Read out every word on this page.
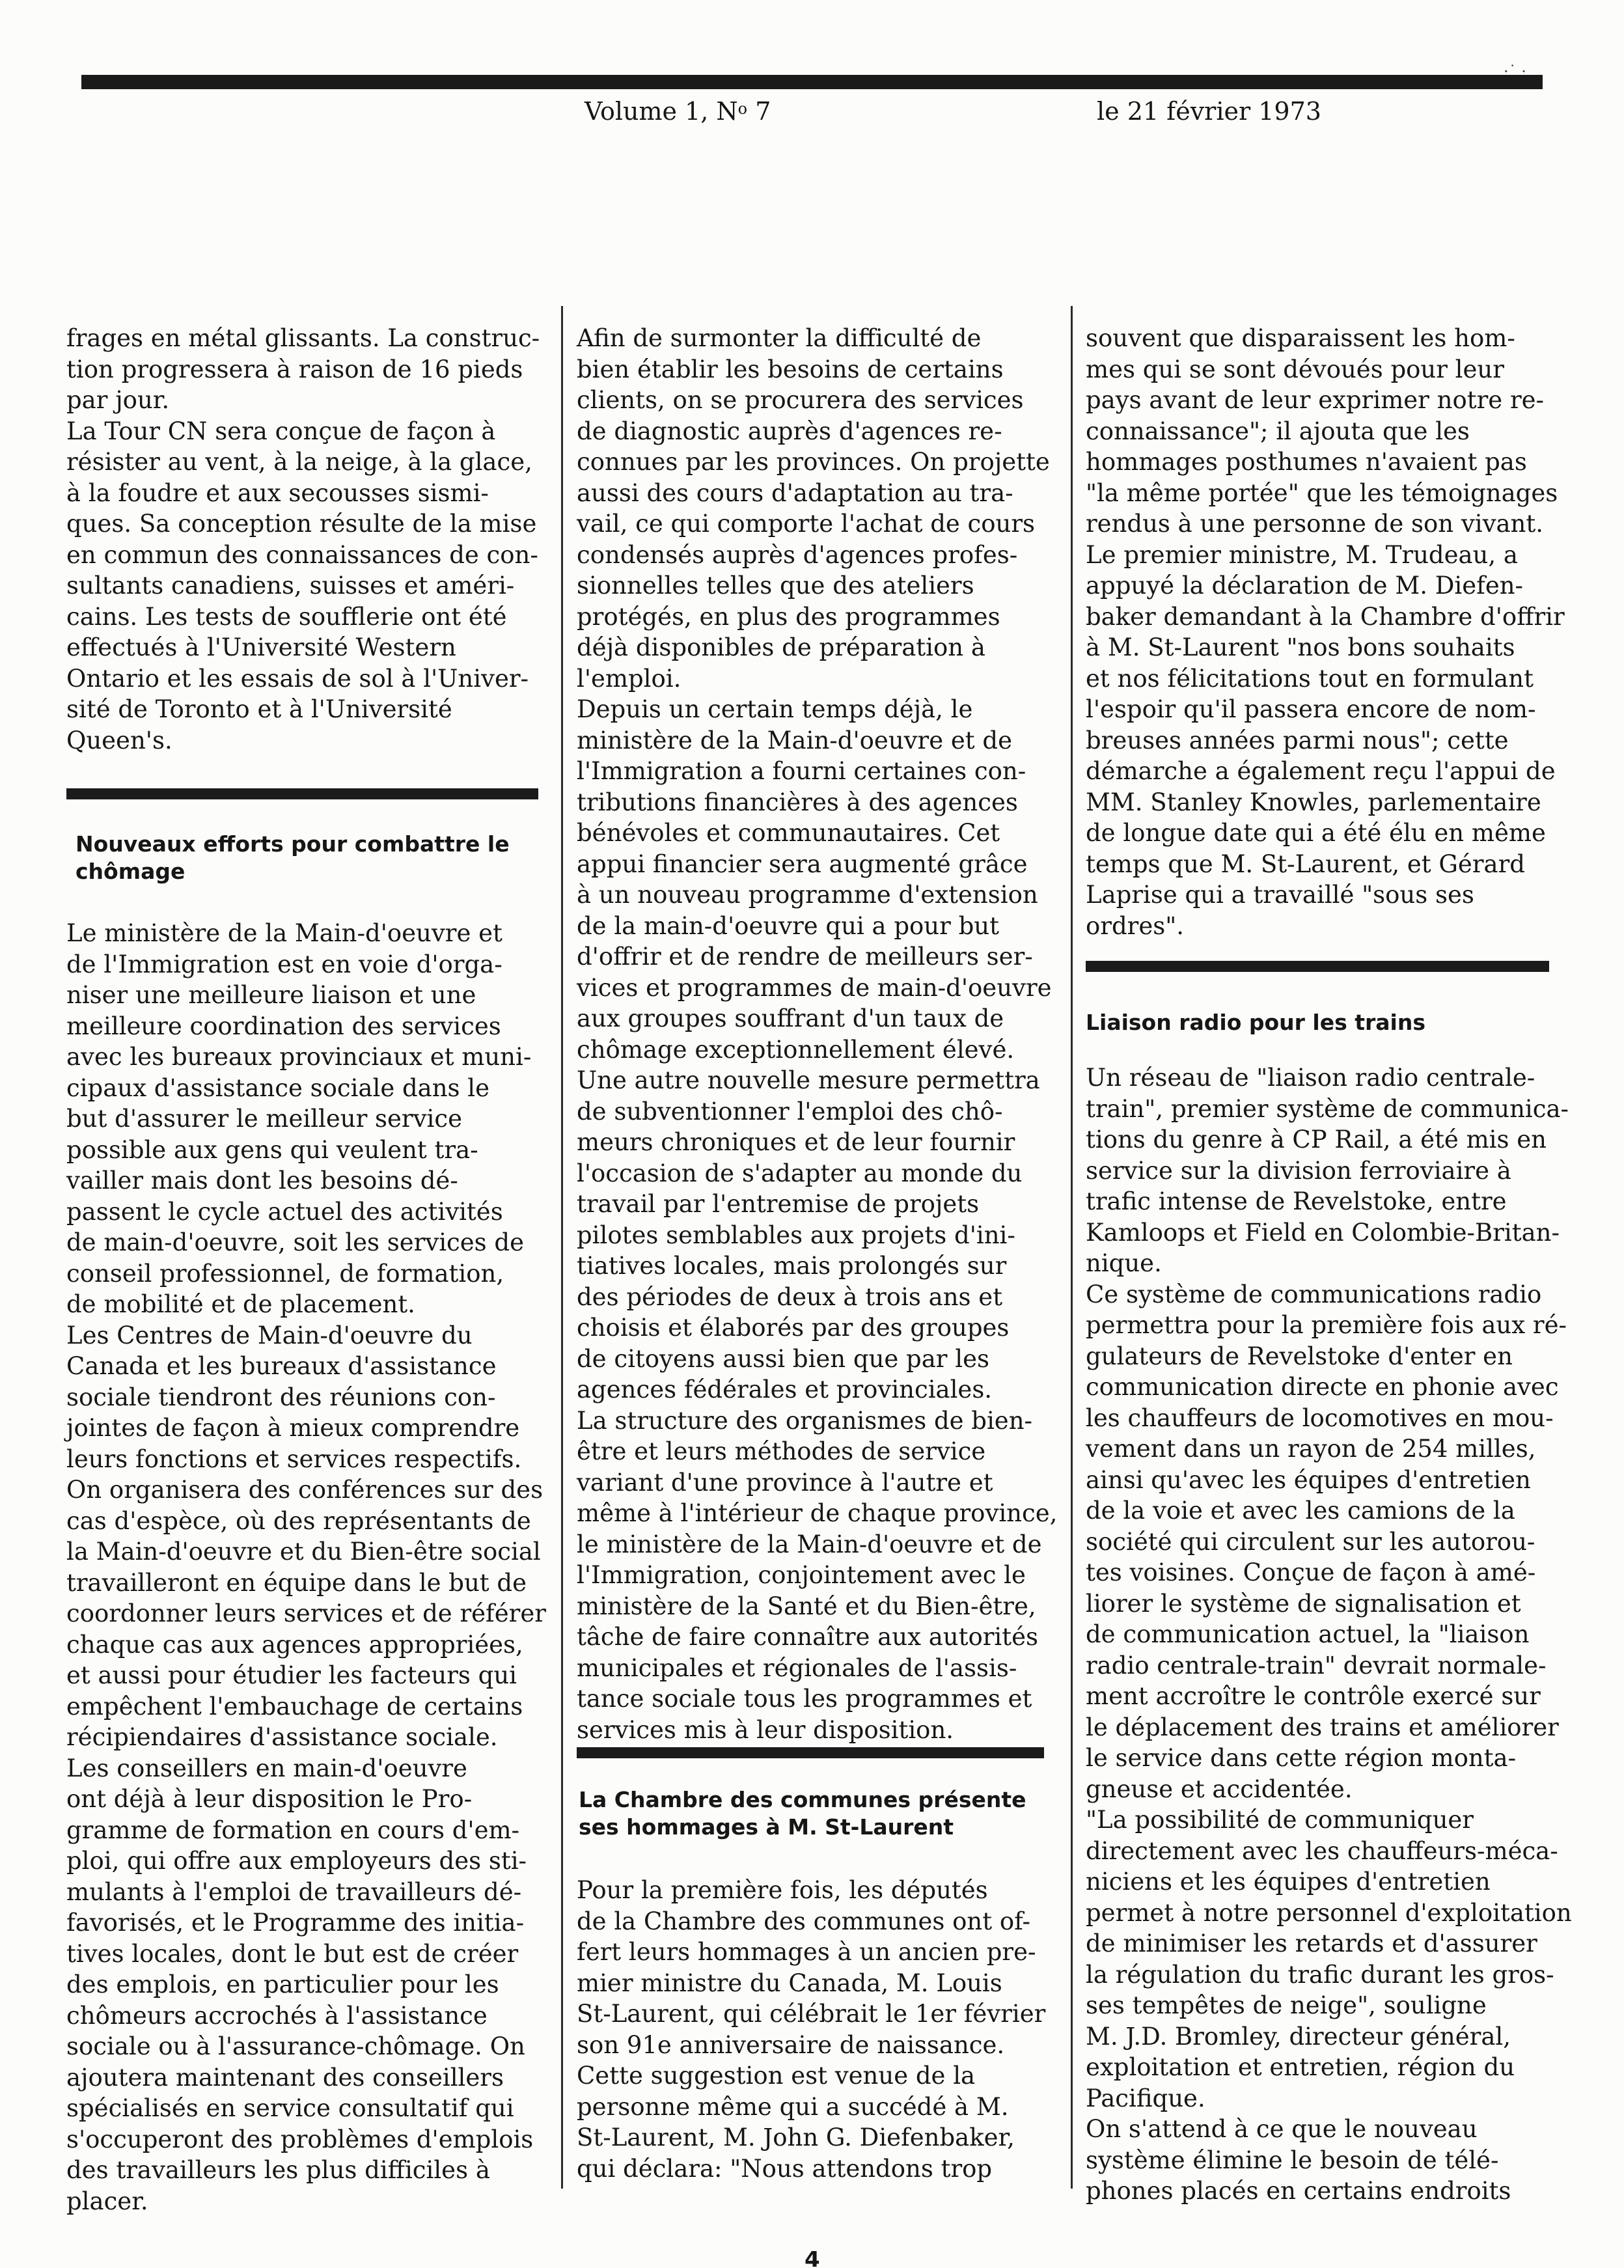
·˙ ·
Volume 1, $N^o$ 7	le 21 février 1973

frages en métal glissants. La construc-

tion progressera à raison de 16 pieds

par jour.

La Tour CN sera conçue de façon à

résister au vent, à la neige, à la glace,

à la foudre et aux secousses sismi-

ques. Sa conception résulte de la mise

en commun des connaissances de con-

sultants canadiens, suisses et améri-

cains. Les tests de soufflerie ont été

effectués à l'Université Western

Ontario et les essais de sol à l'Univer-

sité de Toronto et à l'Université

Queen's.

Nouveaux efforts pour combattre le
chômage

Le ministère de la Main-d'oeuvre et

de l'Immigration est en voie d'orga-

niser une meilleure liaison et une

meilleure coordination des services

avec les bureaux provinciaux et muni-

cipaux d'assistance sociale dans le

but d'assurer le meilleur service

possible aux gens qui veulent tra-

vailler mais dont les besoins dé-

passent le cycle actuel des activités

de main-d'oeuvre, soit les services de

conseil professionnel, de formation,

de mobilité et de placement.

Les Centres de Main-d'oeuvre du

Canada et les bureaux d'assistance

sociale tiendront des réunions con-

jointes de façon à mieux comprendre

leurs fonctions et services respectifs.

On organisera des conférences sur des

cas d'espèce, où des représentants de

la Main-d'oeuvre et du Bien-être social

travailleront en équipe dans le but de

coordonner leurs services et de référer

chaque cas aux agences appropriées,

et aussi pour étudier les facteurs qui

empêchent l'embauchage de certains

récipiendaires d'assistance sociale.

Les conseillers en main-d'oeuvre

ont déjà à leur disposition le Pro-

gramme de formation en cours d'em-

ploi, qui offre aux employeurs des sti-

mulants à l'emploi de travailleurs dé-

favorisés, et le Programme des initia-

tives locales, dont le but est de créer

des emplois, en particulier pour les

chômeurs accrochés à l'assistance

sociale ou à l'assurance-chômage. On

ajoutera maintenant des conseillers

spécialisés en service consultatif qui

s'occuperont des problèmes d'emplois

des travailleurs les plus difficiles à

placer.

Afin de surmonter la difficulté de

bien établir les besoins de certains

clients, on se procurera des services

de diagnostic auprès d'agences re-

connues par les provinces. On projette

aussi des cours d'adaptation au tra-

vail, ce qui comporte l'achat de cours

condensés auprès d'agences profes-

sionnelles telles que des ateliers

protégés, en plus des programmes

déjà disponibles de préparation à

l'emploi.

Depuis un certain temps déjà, le

ministère de la Main-d'oeuvre et de

l'Immigration a fourni certaines con-

tributions financières à des agences

bénévoles et communautaires. Cet

appui financier sera augmenté grâce

à un nouveau programme d'extension

de la main-d'oeuvre qui a pour but

d'offrir et de rendre de meilleurs ser-

vices et programmes de main-d'oeuvre

aux groupes souffrant d'un taux de

chômage exceptionnellement élevé.

Une autre nouvelle mesure permettra

de subventionner l'emploi des chô-

meurs chroniques et de leur fournir

l'occasion de s'adapter au monde du

travail par l'entremise de projets

pilotes semblables aux projets d'ini-

tiatives locales, mais prolongés sur

des périodes de deux à trois ans et

choisis et élaborés par des groupes

de citoyens aussi bien que par les

agences fédérales et provinciales.

La structure des organismes de bien-

être et leurs méthodes de service

variant d'une province à l'autre et

même à l'intérieur de chaque province,

le ministère de la Main-d'oeuvre et de

l'Immigration, conjointement avec le

ministère de la Santé et du Bien-être,

tâche de faire connaître aux autorités

municipales et régionales de l'assis-

tance sociale tous les programmes et

services mis à leur disposition.

La Chambre des communes présente
ses hommages à M. St-Laurent

Pour la première fois, les députés

de la Chambre des communes ont of-

fert leurs hommages à un ancien pre-

mier ministre du Canada, M. Louis

St-Laurent, qui célébrait le 1er février

son 91e anniversaire de naissance.

Cette suggestion est venue de la

personne même qui a succédé à M.

St-Laurent, M. John G. Diefenbaker,

qui déclara: "Nous attendons trop

souvent que disparaissent les hom-

mes qui se sont dévoués pour leur

pays avant de leur exprimer notre re-

connaissance"; il ajouta que les

hommages posthumes n'avaient pas

"la même portée" que les témoignages

rendus à une personne de son vivant.

Le premier ministre, M. Trudeau, a

appuyé la déclaration de M. Diefen-

baker demandant à la Chambre d'offrir

à M. St-Laurent "nos bons souhaits

et nos félicitations tout en formulant

l'espoir qu'il passera encore de nom-

breuses années parmi nous"; cette

démarche a également reçu l'appui de

MM. Stanley Knowles, parlementaire

de longue date qui a été élu en même

temps que M. St-Laurent, et Gérard

Laprise qui a travaillé "sous ses

ordres".

Liaison radio pour les trains

Un réseau de "liaison radio centrale-

train", premier système de communica-

tions du genre à CP Rail, a été mis en

service sur la division ferroviaire à

trafic intense de Revelstoke, entre

Kamloops et Field en Colombie-Britan-

nique.

Ce système de communications radio

permettra pour la première fois aux ré-

gulateurs de Revelstoke d'enter en

communication directe en phonie avec

les chauffeurs de locomotives en mou-

vement dans un rayon de 254 milles,

ainsi qu'avec les équipes d'entretien

de la voie et avec les camions de la

société qui circulent sur les autorou-

tes voisines. Conçue de façon à amé-

liorer le système de signalisation et

de communication actuel, la "liaison

radio centrale-train" devrait normale-

ment accroître le contrôle exercé sur

le déplacement des trains et améliorer

le service dans cette région monta-

gneuse et accidentée.

"La possibilité de communiquer

directement avec les chauffeurs-méca-

niciens et les équipes d'entretien

permet à notre personnel d'exploitation

de minimiser les retards et d'assurer

la régulation du trafic durant les gros-

ses tempêtes de neige", souligne

M. J.D. Bromley, directeur général,

exploitation et entretien, région du

Pacifique.

On s'attend à ce que le nouveau

système élimine le besoin de télé-

phones placés en certains endroits

4
